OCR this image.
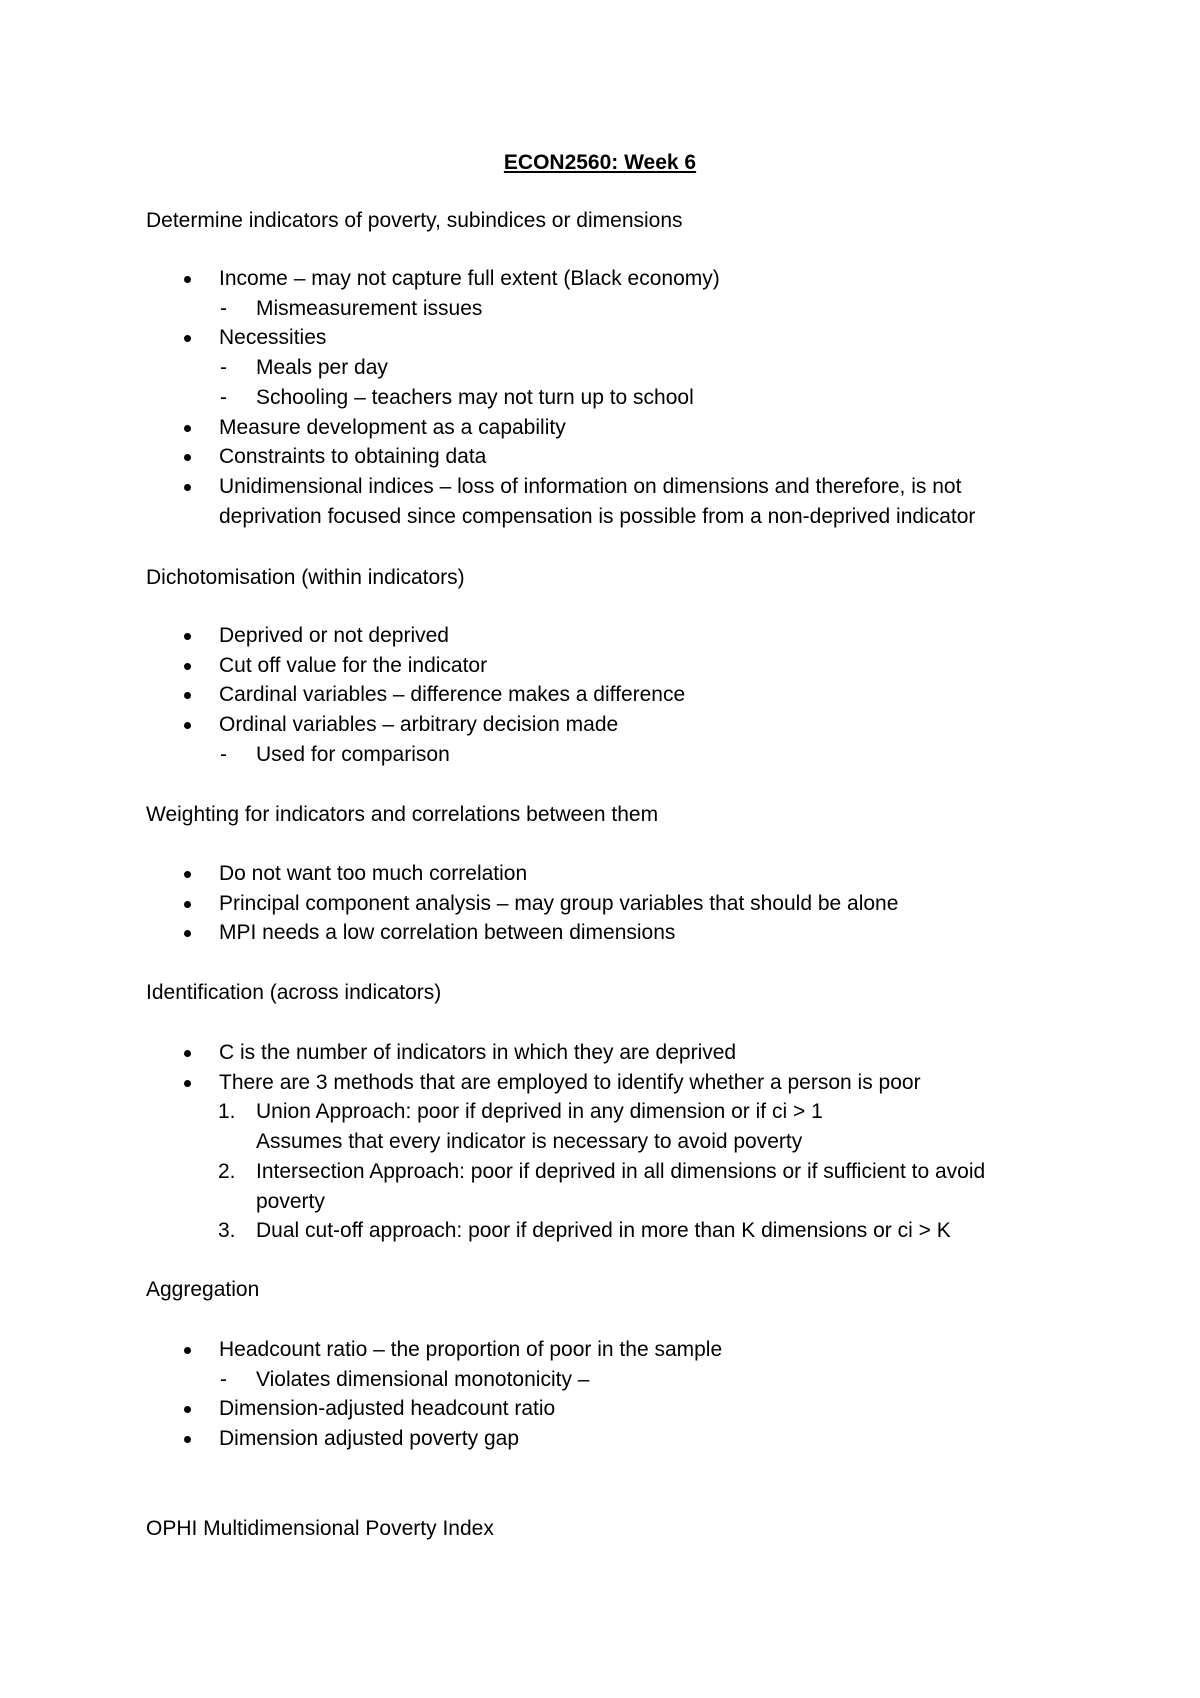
ECON2560: Week 6
Determine indicators of poverty, subindices or dimensions
Income – may not capture full extent (Black economy)
-	Mismeasurement issues
Necessities
-	Meals per day
-	Schooling – teachers may not turn up to school
Measure development as a capability
Constraints to obtaining data
Unidimensional indices – loss of information on dimensions and therefore, is not deprivation focused since compensation is possible from a non-deprived indicator
Dichotomisation (within indicators)
Deprived or not deprived
Cut off value for the indicator
Cardinal variables – difference makes a difference
Ordinal variables – arbitrary decision made
-	Used for comparison
Weighting for indicators and correlations between them
Do not want too much correlation
Principal component analysis – may group variables that should be alone
MPI needs a low correlation between dimensions
Identification (across indicators)
C is the number of indicators in which they are deprived
There are 3 methods that are employed to identify whether a person is poor
1. Union Approach: poor if deprived in any dimension or if ci > 1
Assumes that every indicator is necessary to avoid poverty
2. Intersection Approach: poor if deprived in all dimensions or if sufficient to avoid
poverty
3. Dual cut-off approach: poor if deprived in more than K dimensions or ci > K
Aggregation
Headcount ratio – the proportion of poor in the sample
-	Violates dimensional monotonicity –
Dimension-adjusted headcount ratio
Dimension adjusted poverty gap
OPHI Multidimensional Poverty Index
